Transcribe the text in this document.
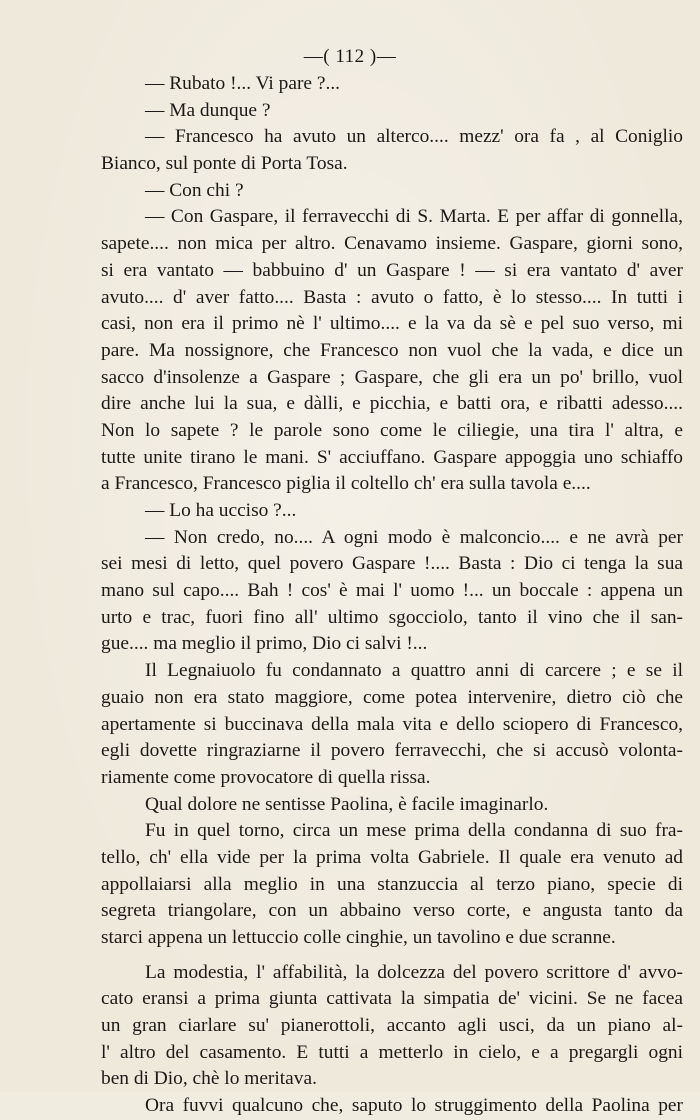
—( 112 )—
— Rubato !... Vi pare ?...
— Ma dunque ?
— Francesco ha avuto un alterco.... mezz' ora fa , al Coniglio
Bianco, sul ponte di Porta Tosa.
— Con chi ?
— Con Gaspare, il ferravecchi di S. Marta. E per affar di gonnella,
sapete.... non mica per altro. Cenavamo insieme. Gaspare, giorni sono,
si era vantato — babbuino d' un Gaspare ! — si era vantato d' aver
avuto.... d' aver fatto.... Basta : avuto o fatto, è lo stesso.... In tutti i
casi, non era il primo nè l' ultimo.... e la va da sè e pel suo verso, mi
pare. Ma nossignore, che Francesco non vuol che la vada, e dice un
sacco d'insolenze a Gaspare ; Gaspare, che gli era un po' brillo, vuol
dire anche lui la sua, e dàlli, e picchia, e batti ora, e ribatti adesso....
Non lo sapete ? le parole sono come le ciliegie, una tira l' altra, e
tutte unite tirano le mani. S' acciuffano. Gaspare appoggia uno schiaffo
a Francesco, Francesco piglia il coltello ch' era sulla tavola e....
— Lo ha ucciso ?...
— Non credo, no.... A ogni modo è malconcio.... e ne avrà per
sei mesi di letto, quel povero Gaspare !.... Basta : Dio ci tenga la sua
mano sul capo.... Bah ! cos' è mai l' uomo !... un boccale : appena un
urto e trac, fuori fino all' ultimo sgocciolo, tanto il vino che il san-
gue.... ma meglio il primo, Dio ci salvi !...
Il Legnaiuolo fu condannato a quattro anni di carcere ; e se il
guaio non era stato maggiore, come potea intervenire, dietro ciò che
apertamente si buccinava della mala vita e dello sciopero di Francesco,
egli dovette ringraziarne il povero ferravecchi, che si accusò volonta-
riamente come provocatore di quella rissa.
Qual dolore ne sentisse Paolina, è facile imaginarlo.
Fu in quel torno, circa un mese prima della condanna di suo fra-
tello, ch' ella vide per la prima volta Gabriele. Il quale era venuto ad
appollaiarsi alla meglio in una stanzuccia al terzo piano, specie di
segreta triangolare, con un abbaino verso corte, e angusta tanto da
starci appena un lettuccio colle cinghie, un tavolino e due scranne.
La modestia, l' affabilità, la dolcezza del povero scrittore d' avvo-
cato eransi a prima giunta cattivata la simpatia de' vicini. Se ne facea
un gran ciarlare su' pianerottoli, accanto agli usci, da un piano al-
l' altro del casamento. E tutti a metterlo in cielo, e a pregargli ogni
ben di Dio, chè lo meritava.
Ora fuvvi qualcuno che, saputo lo struggimento della Paolina per
